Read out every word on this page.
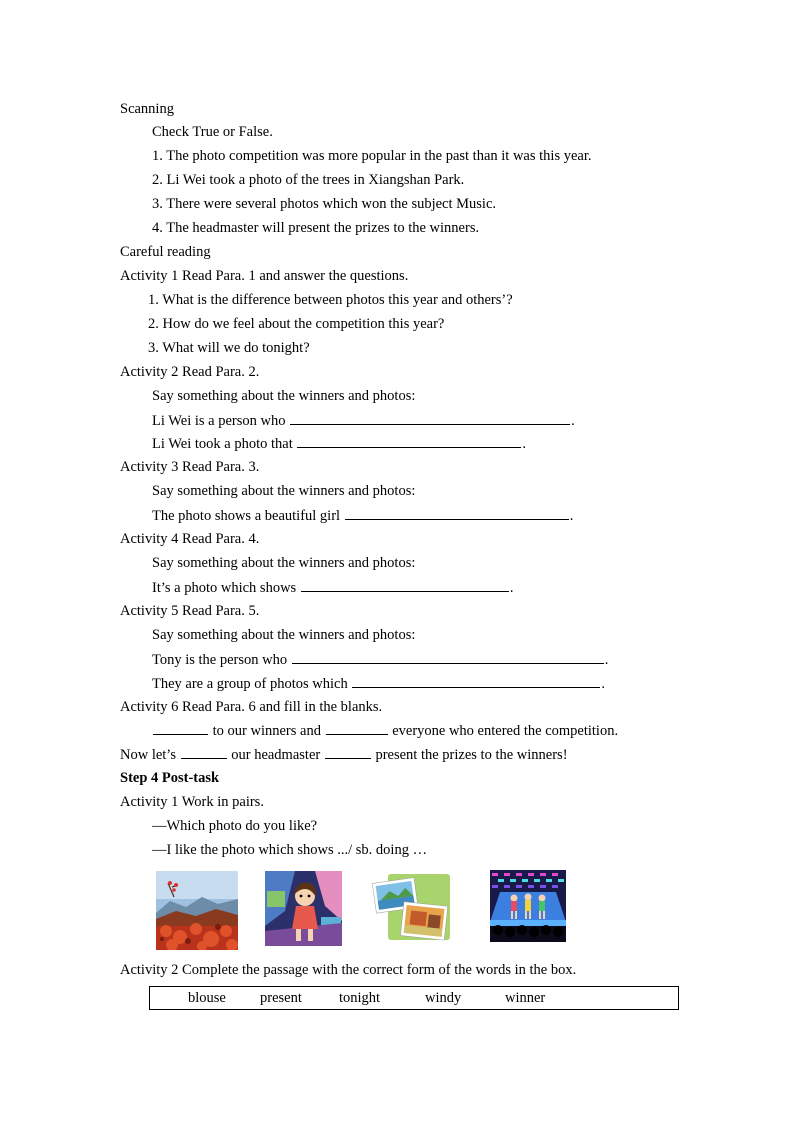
Scanning
Check True or False.
1. The photo competition was more popular in the past than it was this year.
2. Li Wei took a photo of the trees in Xiangshan Park.
3. There were several photos which won the subject Music.
4. The headmaster will present the prizes to the winners.
Careful reading
Activity 1 Read Para. 1 and answer the questions.
1. What is the difference between photos this year and others’?
2. How do we feel about the competition this year?
3. What will we do tonight?
Activity 2 Read Para. 2.
Say something about the winners and photos:
Li Wei is a person who	.
Li Wei took a photo that	.
Activity 3 Read Para. 3.
Say something about the winners and photos:
The photo shows a beautiful girl	.
Activity 4 Read Para. 4.
Say something about the winners and photos:
It’s a photo which shows	.
Activity 5 Read Para. 5.
Say something about the winners and photos:
Tony is the person who	.
They are a group of photos which	.
Activity 6 Read Para. 6 and fill in the blanks.
to our winners and	everyone who entered the competition.
Now let’s	our headmaster	present the prizes to the winners!
Step 4 Post-task
Activity 1 Work in pairs.
—Which photo do you like?
—I like the photo which shows .../ sb. doing …
Activity 2 Complete the passage with the correct form of the words in the box.
blouse present	tonight	windy	winner
